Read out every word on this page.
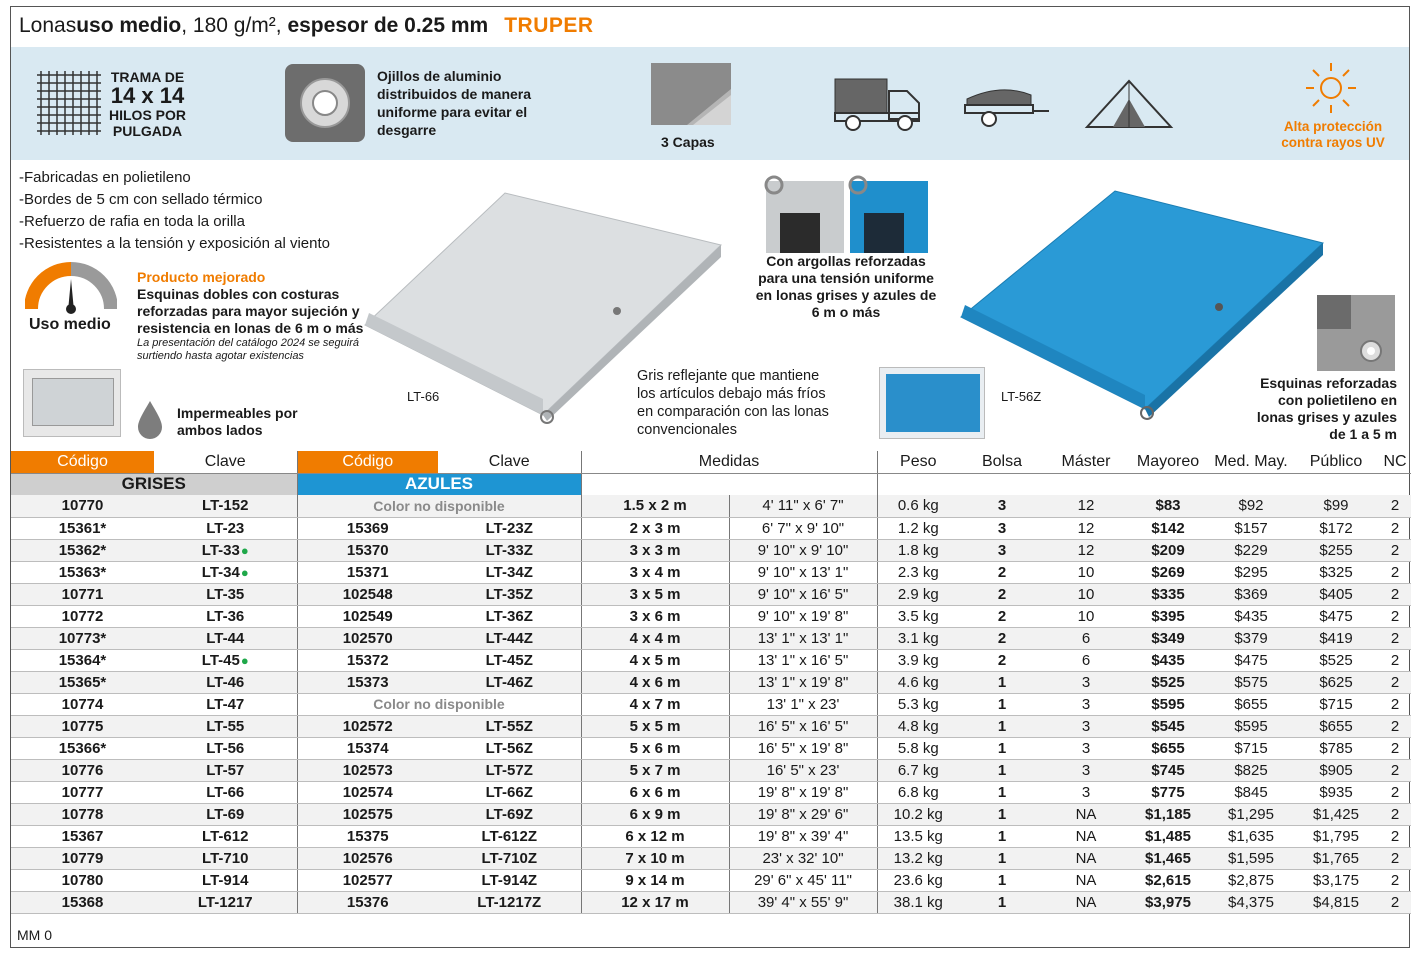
Lonas uso medio , 180 g/m², espesor de 0.25 mm TRUPER
TRAMA DE
14 x 14
HILOS POR
PULGADA
Ojillos de aluminio distribuidos de manera uniforme para evitar el desgarre
3 Capas
Alta protección contra rayos UV
-Fabricadas en polietileno
-Bordes de 5 cm con sellado térmico
-Refuerzo de rafia en toda la orilla
-Resistentes a la tensión y exposición al viento
Uso medio
Producto mejorado
Esquinas dobles con costuras reforzadas para mayor sujeción y resistencia en lonas de 6 m o más
La presentación del catálogo 2024 se seguirá surtiendo hasta agotar existencias
Impermeables por ambos lados
LT-66
Con argollas reforzadas para una tensión uniforme en lonas grises y azules de 6 m o más
Gris reflejante que mantiene los artículos debajo más fríos en comparación con las lonas convencionales
LT-56Z
Esquinas reforzadas con polietileno en lonas grises y azules de 1 a 5 m
Código	Clave	Código	Clave	Medidas		Peso	Bolsa	Máster	Mayoreo	Med. May.	Público	NC
GRISES		AZULES										
10770	LT-152	Color no disponible		1.5 x 2 m	4' 11" x 6' 7"	0.6 kg	3	12	$83	$92	$99	2
15361*	LT-23	15369	LT-23Z	2 x 3 m	6' 7" x 9' 10"	1.2 kg	3	12	$142	$157	$172	2
15362*	LT-33●	15370	LT-33Z	3 x 3 m	9' 10" x 9' 10"	1.8 kg	3	12	$209	$229	$255	2
15363*	LT-34●	15371	LT-34Z	3 x 4 m	9' 10" x 13' 1"	2.3 kg	2	10	$269	$295	$325	2
10771	LT-35	102548	LT-35Z	3 x 5 m	9' 10" x 16' 5"	2.9 kg	2	10	$335	$369	$405	2
10772	LT-36	102549	LT-36Z	3 x 6 m	9' 10" x 19' 8"	3.5 kg	2	10	$395	$435	$475	2
10773*	LT-44	102570	LT-44Z	4 x 4 m	13' 1" x 13' 1"	3.1 kg	2	6	$349	$379	$419	2
15364*	LT-45●	15372	LT-45Z	4 x 5 m	13' 1" x 16' 5"	3.9 kg	2	6	$435	$475	$525	2
15365*	LT-46	15373	LT-46Z	4 x 6 m	13' 1" x 19' 8"	4.6 kg	1	3	$525	$575	$625	2
10774	LT-47	Color no disponible		4 x 7 m	13' 1" x 23'	5.3 kg	1	3	$595	$655	$715	2
10775	LT-55	102572	LT-55Z	5 x 5 m	16' 5" x 16' 5"	4.8 kg	1	3	$545	$595	$655	2
15366*	LT-56	15374	LT-56Z	5 x 6 m	16' 5" x 19' 8"	5.8 kg	1	3	$655	$715	$785	2
10776	LT-57	102573	LT-57Z	5 x 7 m	16' 5" x 23'	6.7 kg	1	3	$745	$825	$905	2
10777	LT-66	102574	LT-66Z	6 x 6 m	19' 8" x 19' 8"	6.8 kg	1	3	$775	$845	$935	2
10778	LT-69	102575	LT-69Z	6 x 9 m	19' 8" x 29' 6"	10.2 kg	1	NA	$1,185	$1,295	$1,425	2
15367	LT-612	15375	LT-612Z	6 x 12 m	19' 8" x 39' 4"	13.5 kg	1	NA	$1,485	$1,635	$1,795	2
10779	LT-710	102576	LT-710Z	7 x 10 m	23' x 32' 10"	13.2 kg	1	NA	$1,465	$1,595	$1,765	2
10780	LT-914	102577	LT-914Z	9 x 14 m	29' 6" x 45' 11"	23.6 kg	1	NA	$2,615	$2,875	$3,175	2
15368	LT-1217	15376	LT-1217Z	12 x 17 m	39' 4" x 55' 9"	38.1 kg	1	NA	$3,975	$4,375	$4,815	2
MM 0
